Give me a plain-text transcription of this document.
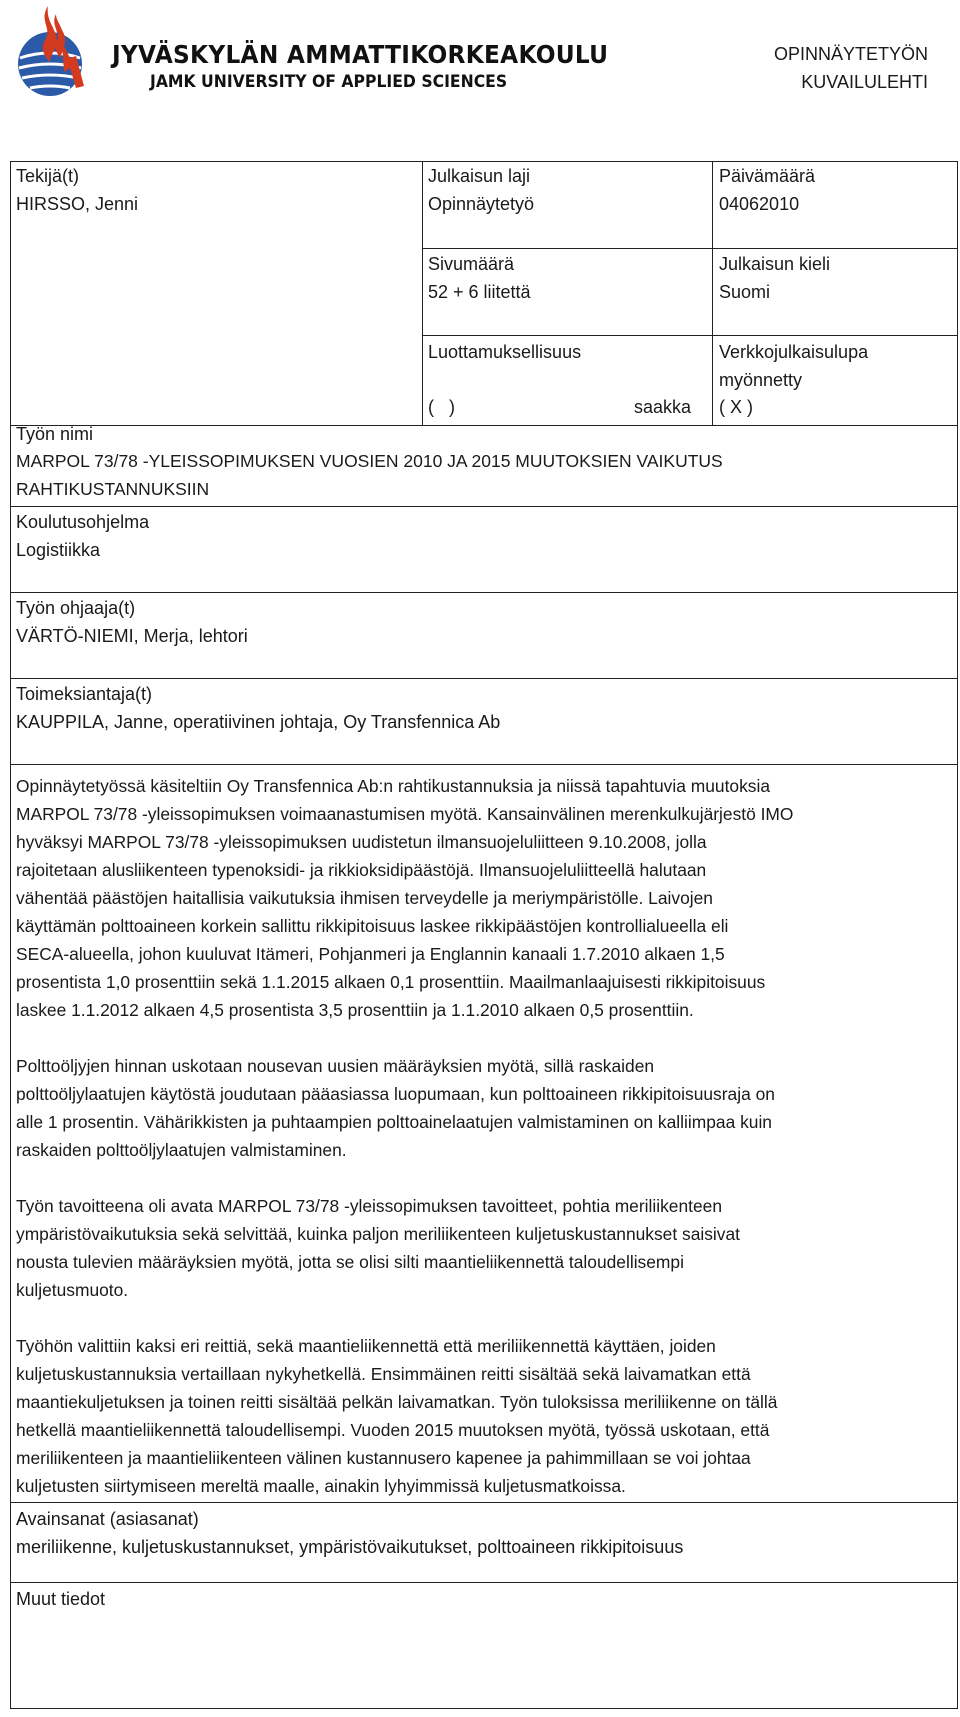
JYVÄSKYLÄN AMMATTIKORKEAKOULU
JAMK UNIVERSITY OF APPLIED SCIENCES
OPINNÄYTETYÖN
KUVAILULEHTI
Tekijä(t)
HIRSSO, Jenni
Julkaisun laji
Opinnäytetyö
Päivämäärä
04062010
Sivumäärä
52 + 6 liitettä
Julkaisun kieli
Suomi
Luottamuksellisuus
(   )	saakka
Verkkojulkaisulupa
myönnetty
( X )
Työn nimi
MARPOL 73/78 -YLEISSOPIMUKSEN VUOSIEN 2010 JA 2015 MUUTOKSIEN VAIKUTUS
RAHTIKUSTANNUKSIIN
Koulutusohjelma
Logistiikka
Työn ohjaaja(t)
VÄRTÖ-NIEMI, Merja, lehtori
Toimeksiantaja(t)
KAUPPILA, Janne, operatiivinen johtaja, Oy Transfennica Ab
Opinnäytetyössä käsiteltiin Oy Transfennica Ab:n rahtikustannuksia ja niissä tapahtuvia muutoksia
MARPOL 73/78 -yleissopimuksen voimaanastumisen myötä. Kansainvälinen merenkulkujärjestö IMO
hyväksyi MARPOL 73/78 -yleissopimuksen uudistetun ilmansuojeluliitteen 9.10.2008, jolla
rajoitetaan alusliikenteen typenoksidi- ja rikkioksidipäästöjä. Ilmansuojeluliitteellä halutaan
vähentää päästöjen haitallisia vaikutuksia ihmisen terveydelle ja meriympäristölle. Laivojen
käyttämän polttoaineen korkein sallittu rikkipitoisuus laskee rikkipäästöjen kontrollialueella eli
SECA-alueella, johon kuuluvat Itämeri, Pohjanmeri ja Englannin kanaali 1.7.2010 alkaen 1,5
prosentista 1,0 prosenttiin sekä 1.1.2015 alkaen 0,1 prosenttiin. Maailmanlaajuisesti rikkipitoisuus
laskee 1.1.2012 alkaen 4,5 prosentista 3,5 prosenttiin ja 1.1.2010 alkaen 0,5 prosenttiin.
Polttoöljyjen hinnan uskotaan nousevan uusien määräyksien myötä, sillä raskaiden
polttoöljylaatujen käytöstä joudutaan pääasiassa luopumaan, kun polttoaineen rikkipitoisuusraja on
alle 1 prosentin. Vähärikkisten ja puhtaampien polttoainelaatujen valmistaminen on kalliimpaa kuin
raskaiden polttoöljylaatujen valmistaminen.
Työn tavoitteena oli avata MARPOL 73/78 -yleissopimuksen tavoitteet, pohtia meriliikenteen
ympäristövaikutuksia sekä selvittää, kuinka paljon meriliikenteen kuljetuskustannukset saisivat
nousta tulevien määräyksien myötä, jotta se olisi silti maantieliikennettä taloudellisempi
kuljetusmuoto.
Työhön valittiin kaksi eri reittiä, sekä maantieliikennettä että meriliikennettä käyttäen, joiden
kuljetuskustannuksia vertaillaan nykyhetkellä. Ensimmäinen reitti sisältää sekä laivamatkan että
maantiekuljetuksen ja toinen reitti sisältää pelkän laivamatkan. Työn tuloksissa meriliikenne on tällä
hetkellä maantieliikennettä taloudellisempi. Vuoden 2015 muutoksen myötä, työssä uskotaan, että
meriliikenteen ja maantieliikenteen välinen kustannusero kapenee ja pahimmillaan se voi johtaa
kuljetusten siirtymiseen mereltä maalle, ainakin lyhyimmissä kuljetusmatkoissa.
Avainsanat (asiasanat)
meriliikenne, kuljetuskustannukset, ympäristövaikutukset, polttoaineen rikkipitoisuus
Muut tiedot
